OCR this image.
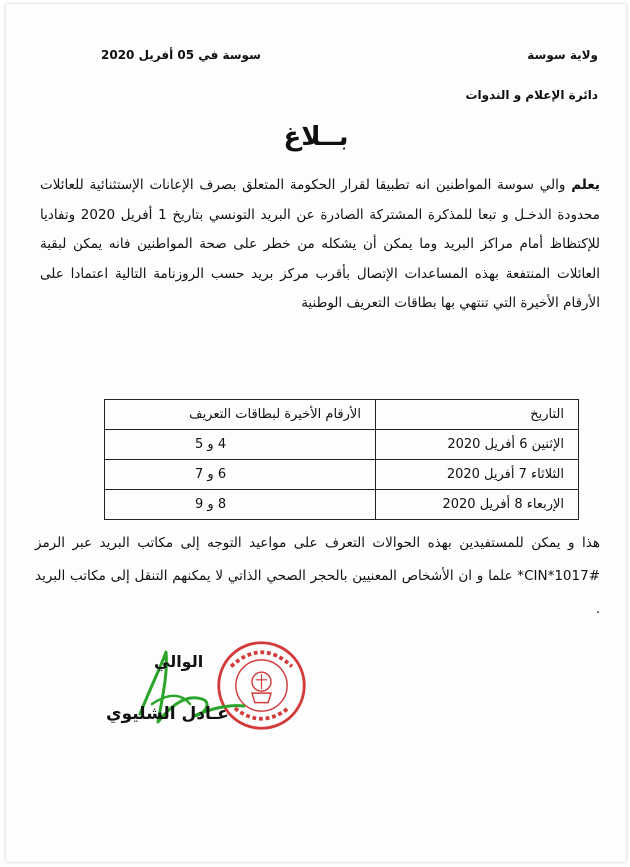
سوسة في 05 أفريل 2020	ولاية سوسة
دائرة الإعلام و الندوات
بــلاغ
يعلم والي سوسة المواطنين انه تطبيقا لقرار الحكومة المتعلق بصرف الإعانات الإستثنائية للعائلات محدودة الدخـل و تبعا للمذكرة المشتركة الصادرة عن البريد التونسي بتاريخ 1 أفريل 2020 وتفاديا للإكتظاظ أمام مراكز البريد وما يمكن أن يشكله من خطر على صحة المواطنين فانه يمكن لبقية العائلات المنتفعة بهذه المساعدات الإتصال بأقرب مركز بريد حسب الروزنامة التالية اعتمادا على الأرقام الأخيرة التي تنتهي بها بطاقات التعريف الوطنية
التاريخ	الأرقام الأخيرة لبطاقات التعريف
الإثنين 6 أفريل 2020	4 و 5
الثلاثاء 7 أفريل 2020	6 و 7
الإربعاء 8 أفريل 2020	8 و 9
هذا و يمكن للمستفيدين بهذه الحوالات التعرف على مواعيد التوجه إلى مكاتب البريد عبر الرمز #CIN*1017* علما و ان الأشخاص المعنيين بالحجر الصحي الذاتي لا يمكنهم التنقل إلى مكاتب البريد .
الوالي
عـادل الشليوي
